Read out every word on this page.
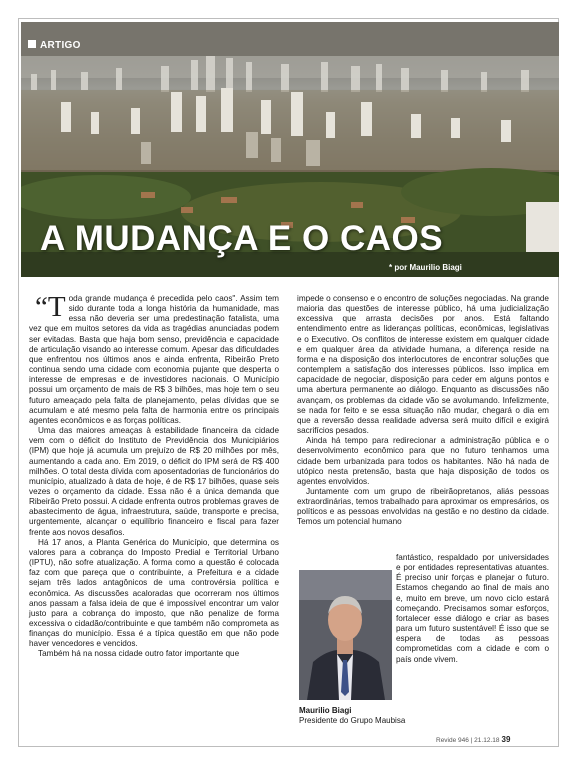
ARTIGO
A MUDANÇA E O CAOS
* por Maurilio Biagi

“Toda grande mudança é precedida pelo caos". Assim tem sido durante toda a longa história da humanidade, mas essa não deveria ser uma predestinação fatalista, uma vez que em muitos setores da vida as tragédias anunciadas podem ser evitadas. Basta que haja bom senso, previdência e capacidade de articulação visando ao interesse comum. Apesar das dificuldades que enfrentou nos últimos anos e ainda enfrenta, Ribeirão Preto continua sendo uma cidade com economia pujante que desperta o interesse de empresas e de investidores nacionais. O Município possui um orçamento de mais de R$ 3 bilhões, mas hoje tem o seu futuro ameaçado pela falta de planejamento, pelas dívidas que se acumulam e até mesmo pela falta de harmonia entre os principais agentes econômicos e as forças políticas.

Uma das maiores ameaças à estabilidade financeira da cidade vem com o déficit do Instituto de Previdência dos Municipiários (IPM) que hoje já acumula um prejuízo de R$ 20 milhões por mês, aumentando a cada ano. Em 2019, o déficit do IPM será de R$ 400 milhões. O total desta dívida com aposentadorias de funcionários do município, atualizado à data de hoje, é de R$ 17 bilhões, quase seis vezes o orçamento da cidade. Essa não é a única demanda que Ribeirão Preto possui. A cidade enfrenta outros problemas graves de abastecimento de água, infraestrutura, saúde, transporte e precisa, urgentemente, alcançar o equilíbrio financeiro e fiscal para fazer frente aos novos desafios.

Há 17 anos, a Planta Genérica do Município, que determina os valores para a cobrança do Imposto Predial e Territorial Urbano (IPTU), não sofre atualização. A forma como a questão é colocada faz com que pareça que o contribuinte, a Prefeitura e a cidade sejam três lados antagônicos de uma controvérsia política e econômica. As discussões acaloradas que ocorreram nos últimos anos passam a falsa ideia de que é impossível encontrar um valor justo para a cobrança do imposto, que não penalize de forma excessiva o cidadão/contribuinte e que também não comprometa as finanças do município. Essa é a típica questão em que não pode haver vencedores e vencidos.

Também há na nossa cidade outro fator importante que

impede o consenso e o encontro de soluções negociadas. Na grande maioria das questões de interesse público, há uma judicialização excessiva que arrasta decisões por anos. Está faltando entendimento entre as lideranças políticas, econômicas, legislativas e o Executivo. Os conflitos de interesse existem em qualquer cidade e em qualquer área da atividade humana, a diferença reside na forma e na disposição dos interlocutores de encontrar soluções que contemplem a satisfação dos interesses públicos. Isso implica em capacidade de negociar, disposição para ceder em alguns pontos e uma abertura permanente ao diálogo. Enquanto as discussões não avançam, os problemas da cidade vão se avolumando. Infelizmente, se nada for feito e se essa situação não mudar, chegará o dia em que a reversão dessa realidade adversa será muito difícil e exigirá sacrifícios pesados.

Ainda há tempo para redirecionar a administração pública e o desenvolvimento econômico para que no futuro tenhamos uma cidade bem urbanizada para todos os habitantes. Não há nada de utópico nesta pretensão, basta que haja disposição de todos os agentes envolvidos.

Juntamente com um grupo de ribeirãopretanos, aliás pessoas extraordinárias, temos trabalhado para aproximar os empresários, os políticos e as pessoas envolvidas na gestão e no destino da cidade. Temos um potencial humano

fantástico, respaldado por universidades e por entidades representativas atuantes. É preciso unir forças e planejar o futuro. Estamos chegando ao final de mais ano e, muito em breve, um novo ciclo estará começando. Precisamos somar esforços, fortalecer esse diálogo e criar as bases para um futuro sustentável! É isso que se espera de todas as pessoas comprometidas com a cidade e com o país onde vivem.
Maurilio Biagi
Presidente do Grupo Maubisa
Revide 946 | 21.12.18 39
